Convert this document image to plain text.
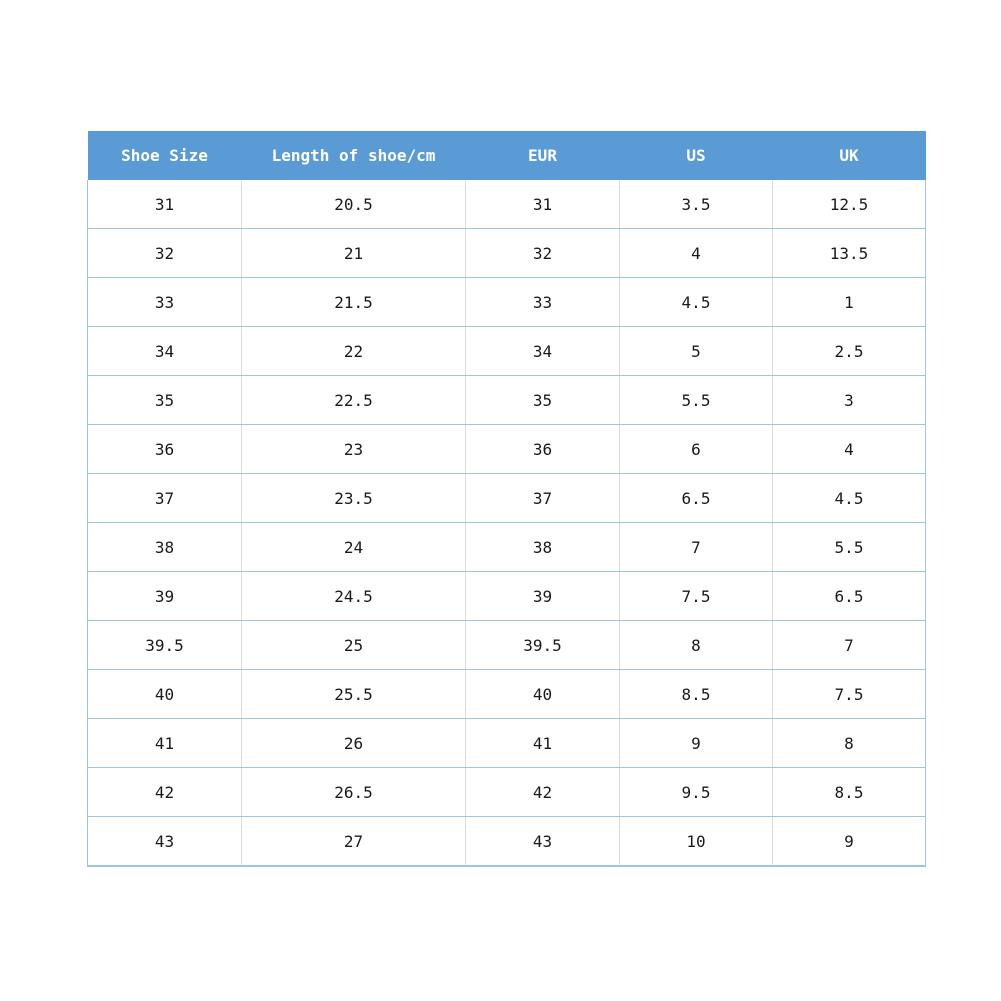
Shoe Size	Length of shoe/cm	EUR	US	UK
31	20.5	31	3.5	12.5
32	21	32	4	13.5
33	21.5	33	4.5	1
34	22	34	5	2.5
35	22.5	35	5.5	3
36	23	36	6	4
37	23.5	37	6.5	4.5
38	24	38	7	5.5
39	24.5	39	7.5	6.5
39.5	25	39.5	8	7
40	25.5	40	8.5	7.5
41	26	41	9	8
42	26.5	42	9.5	8.5
43	27	43	10	9
